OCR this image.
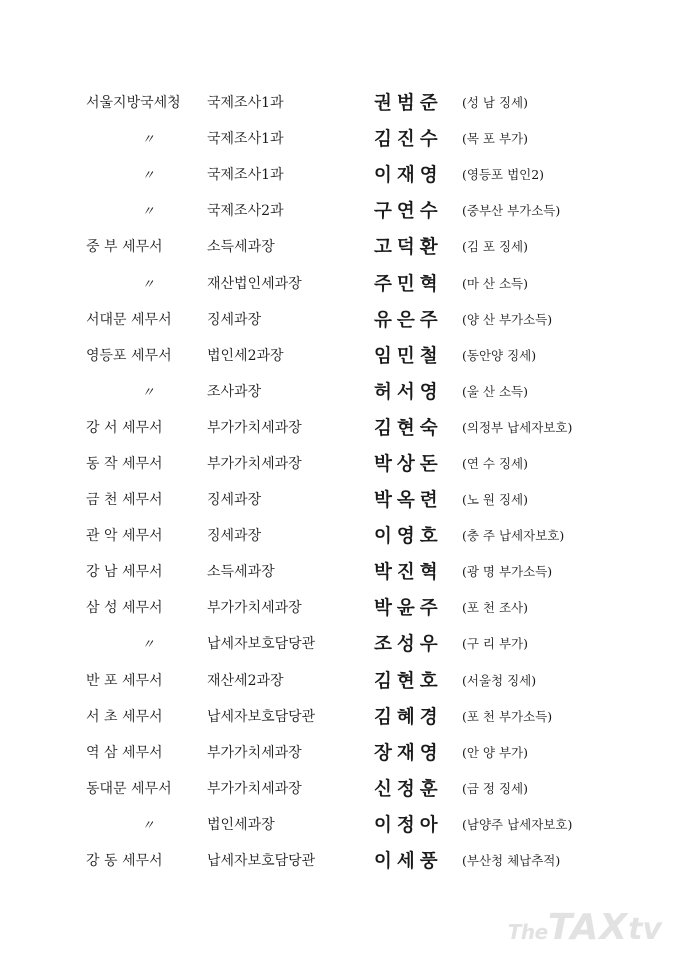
서울지방국세청	국제조사1과	권범준 (성 남 징세)
〃	국제조사1과	김진수 (목 포 부가)
〃	국제조사1과	이재영 (영등포 법인2)
〃	국제조사2과	구연수 (중부산 부가소득)
중 부 세무서	소득세과장	고덕환 (김 포 징세)
〃	재산법인세과장	주민혁 (마 산 소득)
서대문 세무서	징세과장	유은주 (양 산 부가소득)
영등포 세무서	법인세2과장	임민철 (동안양 징세)
〃	조사과장	허서영 (울 산 소득)
강 서 세무서	부가가치세과장	김현숙 (의정부 납세자보호)
동 작 세무서	부가가치세과장	박상돈 (연 수 징세)
금 천 세무서	징세과장	박옥련 (노 원 징세)
관 악 세무서	징세과장	이영호 (충 주 납세자보호)
강 남 세무서	소득세과장	박진혁 (광 명 부가소득)
삼 성 세무서	부가가치세과장	박윤주 (포 천 조사)
〃	납세자보호담당관	조성우 (구 리 부가)
반 포 세무서	재산세2과장	김현호 (서울청 징세)
서 초 세무서	납세자보호담당관	김혜경 (포 천 부가소득)
역 삼 세무서	부가가치세과장	장재영 (안 양 부가)
동대문 세무서	부가가치세과장	신정훈 (금 정 징세)
〃	법인세과장	이정아 (남양주 납세자보호)
강 동 세무서	납세자보호담당관	이세풍 (부산청 체납추적)
TheTAXtv
